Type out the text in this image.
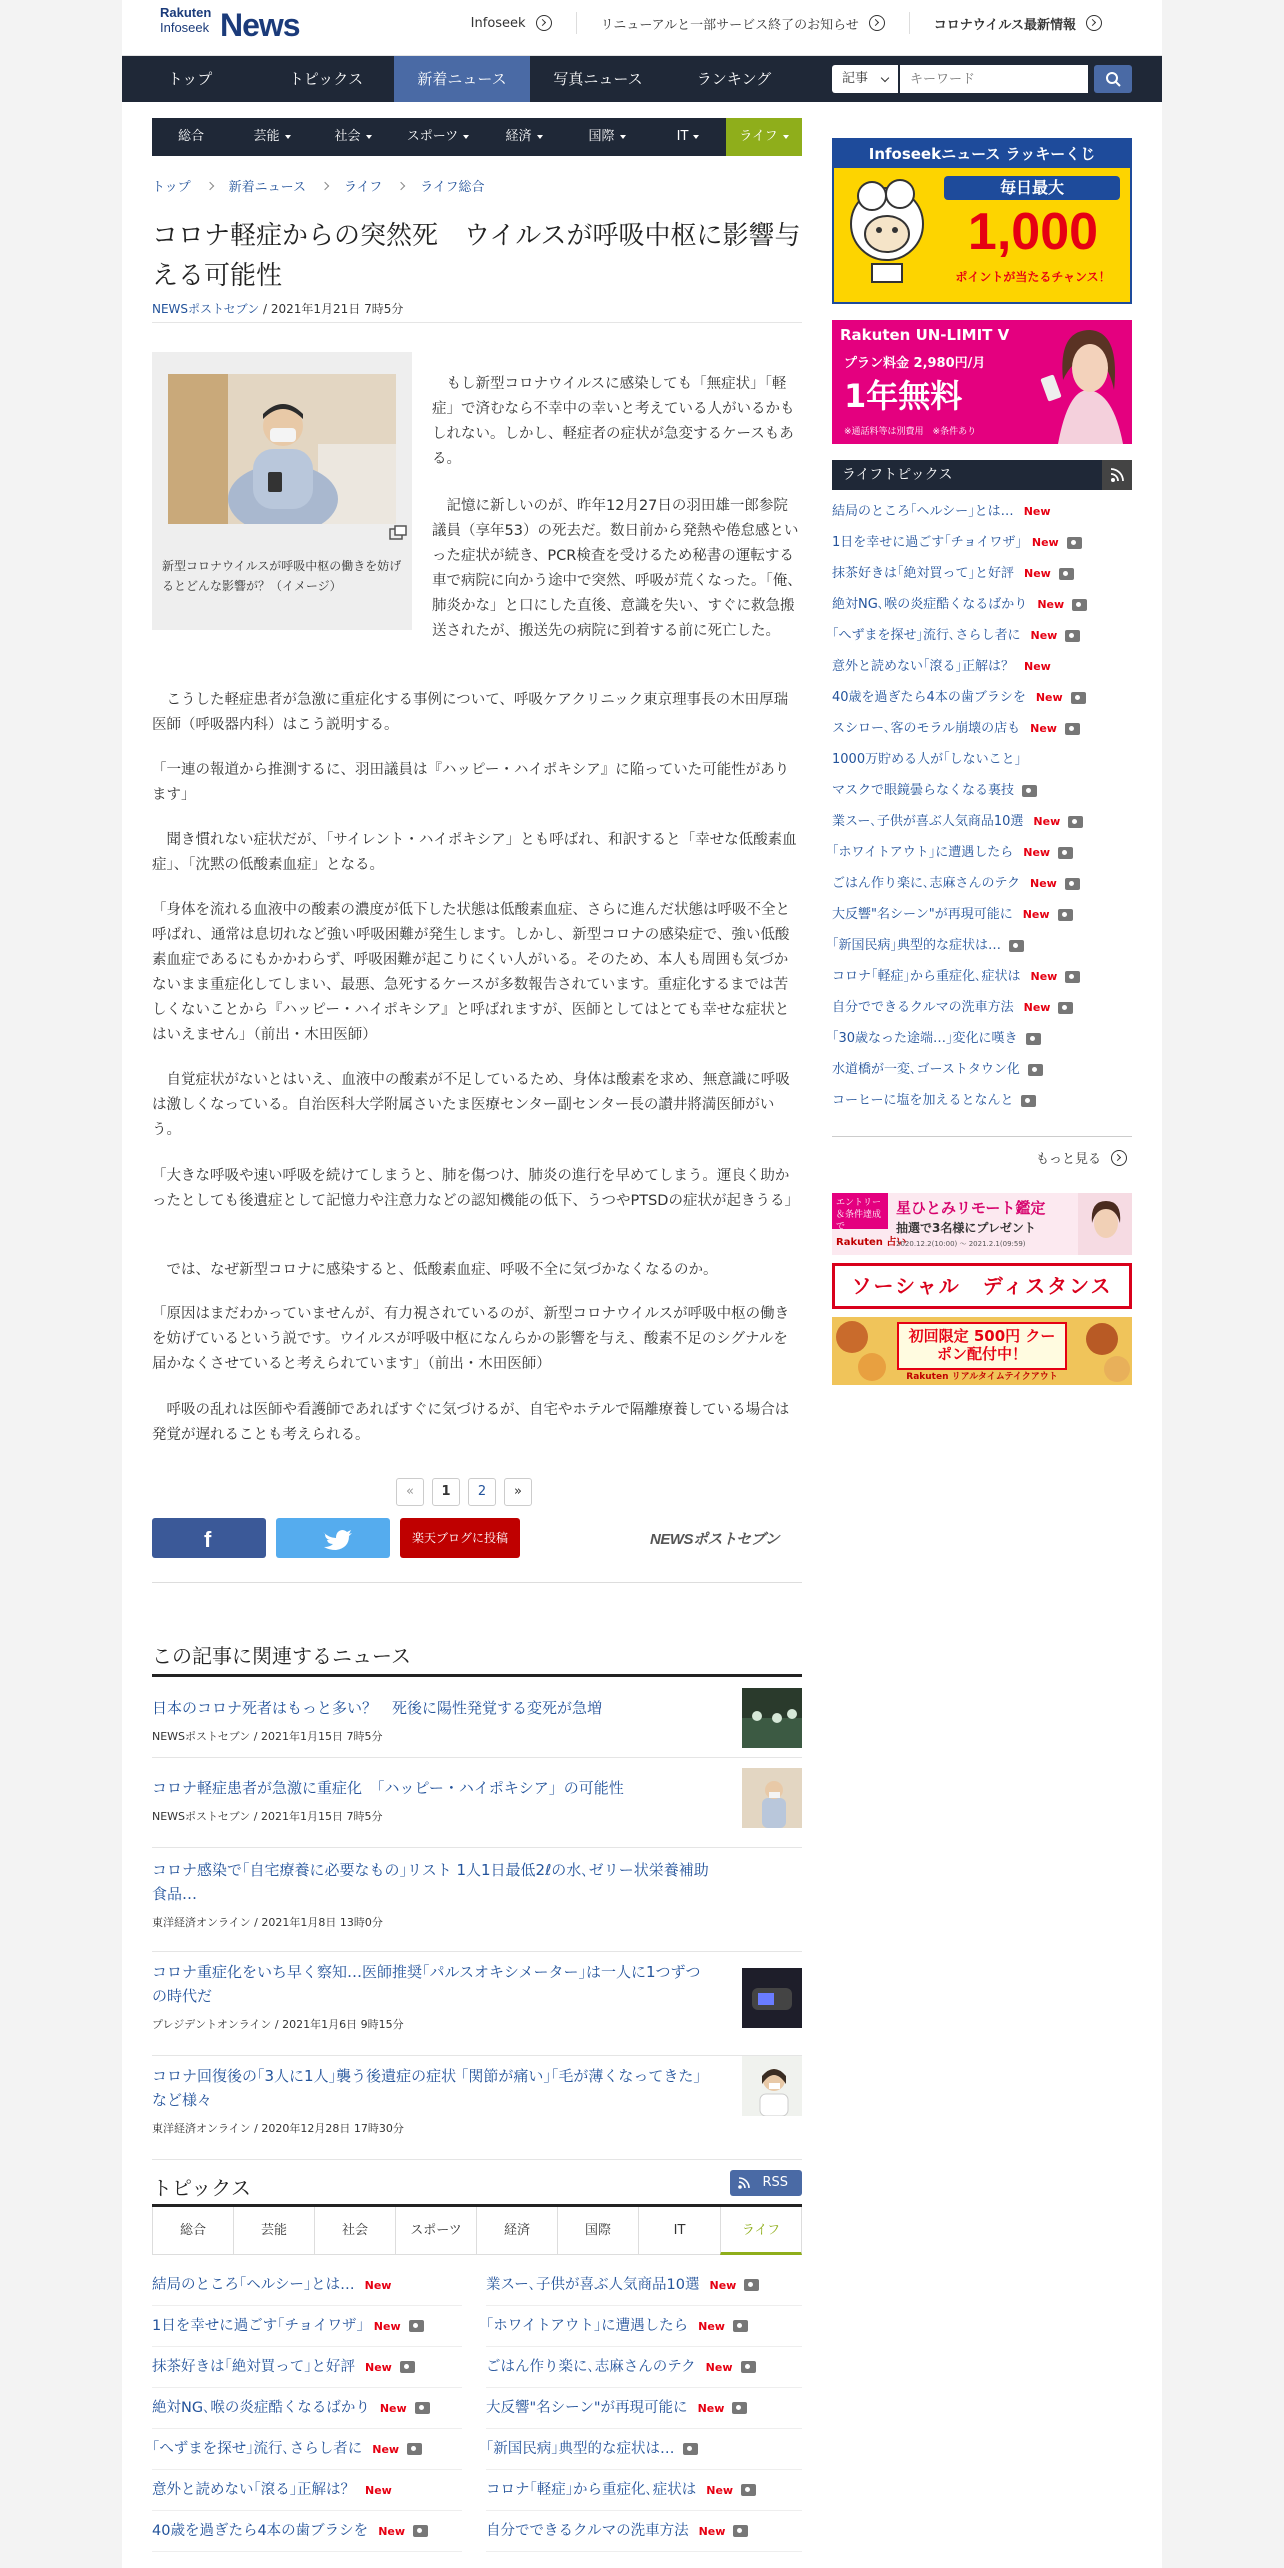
Rakuten
Infoseek News	Infoseek	リニューアルと一部サービス終了のお知らせ	コロナウイルス最新情報
トップ	トピックス	新着ニュース	写真ニュース	ランキング	記事
キーワード
総合	芸能	社会	スポーツ	経済	国際	IT	ライフ
トップ	新着ニュース	ライフ	ライフ総合
コロナ軽症からの突然死　ウイルスが呼吸中枢に影響与える可能性
NEWSポストセブン / 2021年1月21日 7時5分
新型コロナウイルスが呼吸中枢の働きを妨げるとどんな影響が？（イメージ）

　もし新型コロナウイルスに感染しても「無症状」「軽症」で済むなら不幸中の幸いと考えている人がいるかもしれない。しかし、軽症者の症状が急変するケースもある。

　記憶に新しいのが、昨年12月27日の羽田雄一郎参院議員（享年53）の死去だ。数日前から発熱や倦怠感といった症状が続き、PCR検査を受けるため秘書の運転する車で病院に向かう途中で突然、呼吸が荒くなった。「俺、肺炎かな」と口にした直後、意識を失い、すぐに救急搬送されたが、搬送先の病院に到着する前に死亡した。

　こうした軽症患者が急激に重症化する事例について、呼吸ケアクリニック東京理事長の木田厚瑞医師（呼吸器内科）はこう説明する。

「一連の報道から推測するに、羽田議員は『ハッピー・ハイポキシア』に陥っていた可能性があります」

　聞き慣れない症状だが、「サイレント・ハイポキシア」とも呼ばれ、和訳すると「幸せな低酸素血症」、「沈黙の低酸素血症」となる。

「身体を流れる血液中の酸素の濃度が低下した状態は低酸素血症、さらに進んだ状態は呼吸不全と呼ばれ、通常は息切れなど強い呼吸困難が発生します。しかし、新型コロナの感染症で、強い低酸素血症であるにもかかわらず、呼吸困難が起こりにくい人がいる。そのため、本人も周囲も気づかないまま重症化してしまい、最悪、急死するケースが多数報告されています。重症化するまでは苦しくないことから『ハッピー・ハイポキシア』と呼ばれますが、医師としてはとても幸せな症状とはいえません」（前出・木田医師）

　自覚症状がないとはいえ、血液中の酸素が不足しているため、身体は酸素を求め、無意識に呼吸は激しくなっている。自治医科大学附属さいたま医療センター副センター長の讃井將満医師がいう。

「大きな呼吸や速い呼吸を続けてしまうと、肺を傷つけ、肺炎の進行を早めてしまう。運良く助かったとしても後遺症として記憶力や注意力などの認知機能の低下、うつやPTSDの症状が起きうる」

　では、なぜ新型コロナに感染すると、低酸素血症、呼吸不全に気づかなくなるのか。

「原因はまだわかっていませんが、有力視されているのが、新型コロナウイルスが呼吸中枢の働きを妨げているという説です。ウイルスが呼吸中枢になんらかの影響を与え、酸素不足のシグナルを届かなくさせていると考えられています」（前出・木田医師）

　呼吸の乱れは医師や看護師であればすぐに気づけるが、自宅やホテルで隔離療養している場合は発覚が遅れることも考えられる。

«	1	2	»
f	楽天ブログに投稿	NEWSポストセブン
この記事に関連するニュース
日本のコロナ死者はもっと多い？　死後に陽性発覚する変死が急増
NEWSポストセブン / 2021年1月15日 7時5分
コロナ軽症患者が急激に重症化　「ハッピー・ハイポキシア」の可能性
NEWSポストセブン / 2021年1月15日 7時5分
コロナ感染で｢自宅療養に必要なもの｣リスト 1人1日最低2ℓの水､ゼリー状栄養補助食品…
東洋経済オンライン / 2021年1月8日 13時0分
コロナ重症化をいち早く察知…医師推奨｢パルスオキシメーター｣は一人に1つずつの時代だ
プレジデントオンライン / 2021年1月6日 9時15分
コロナ回復後の｢3人に1人｣襲う後遺症の症状 ｢関節が痛い｣｢毛が薄くなってきた｣など様々
東洋経済オンライン / 2020年12月28日 17時30分
トピックス	RSS
総合	芸能	社会	スポーツ	経済	国際	IT	ライフ
結局のところ｢ヘルシー｣とは… New
1日を幸せに過ごす｢チョイワザ｣ New
抹茶好きは｢絶対買って｣と好評 New
絶対NG､喉の炎症酷くなるばかり New
｢へずまを探せ｣流行､さらし者に New
意外と読めない｢滾る｣正解は？ New
40歳を過ぎたら4本の歯ブラシを New
業スー､子供が喜ぶ人気商品10選 New
｢ホワイトアウト｣に遭遇したら New
ごはん作り楽に､志麻さんのテク New
大反響"名シーン"が再現可能に New
｢新国民病｣典型的な症状は…
コロナ｢軽症｣から重症化､症状は New
自分でできるクルマの洗車方法 New
Infoseekニュース ラッキーくじ
毎日最大
1,000
ポイントが当たるチャンス！
Rakuten UN-LIMIT V
プラン料金 2,980円/月
1年無料
※通話料等は別費用　※条件あり
ライフトピックス
結局のところ｢ヘルシー｣とは… New
1日を幸せに過ごす｢チョイワザ｣ New
抹茶好きは｢絶対買って｣と好評 New
絶対NG､喉の炎症酷くなるばかり New
｢へずまを探せ｣流行､さらし者に New
意外と読めない｢滾る｣正解は？ New
40歳を過ぎたら4本の歯ブラシを New
スシロー､客のモラル崩壊の店も New
1000万貯める人が｢しないこと｣
マスクで眼鏡曇らなくなる裏技
業スー､子供が喜ぶ人気商品10選 New
｢ホワイトアウト｣に遭遇したら New
ごはん作り楽に､志麻さんのテク New
大反響"名シーン"が再現可能に New
｢新国民病｣典型的な症状は…
コロナ｢軽症｣から重症化､症状は New
自分でできるクルマの洗車方法 New
｢30歳なった途端…｣変化に嘆き
水道橋が一変､ゴーストタウン化
コーヒーに塩を加えるとなんと
もっと見る
エントリー＆条件達成で
Rakuten 占い
星ひとみリモート鑑定
抽選で3名様にプレゼント
2020.12.2(10:00) ～ 2021.2.1(09:59)
ソーシャル　ディスタンス
初回限定 500円 クーポン配付中！
Rakuten リアルタイムテイクアウト
